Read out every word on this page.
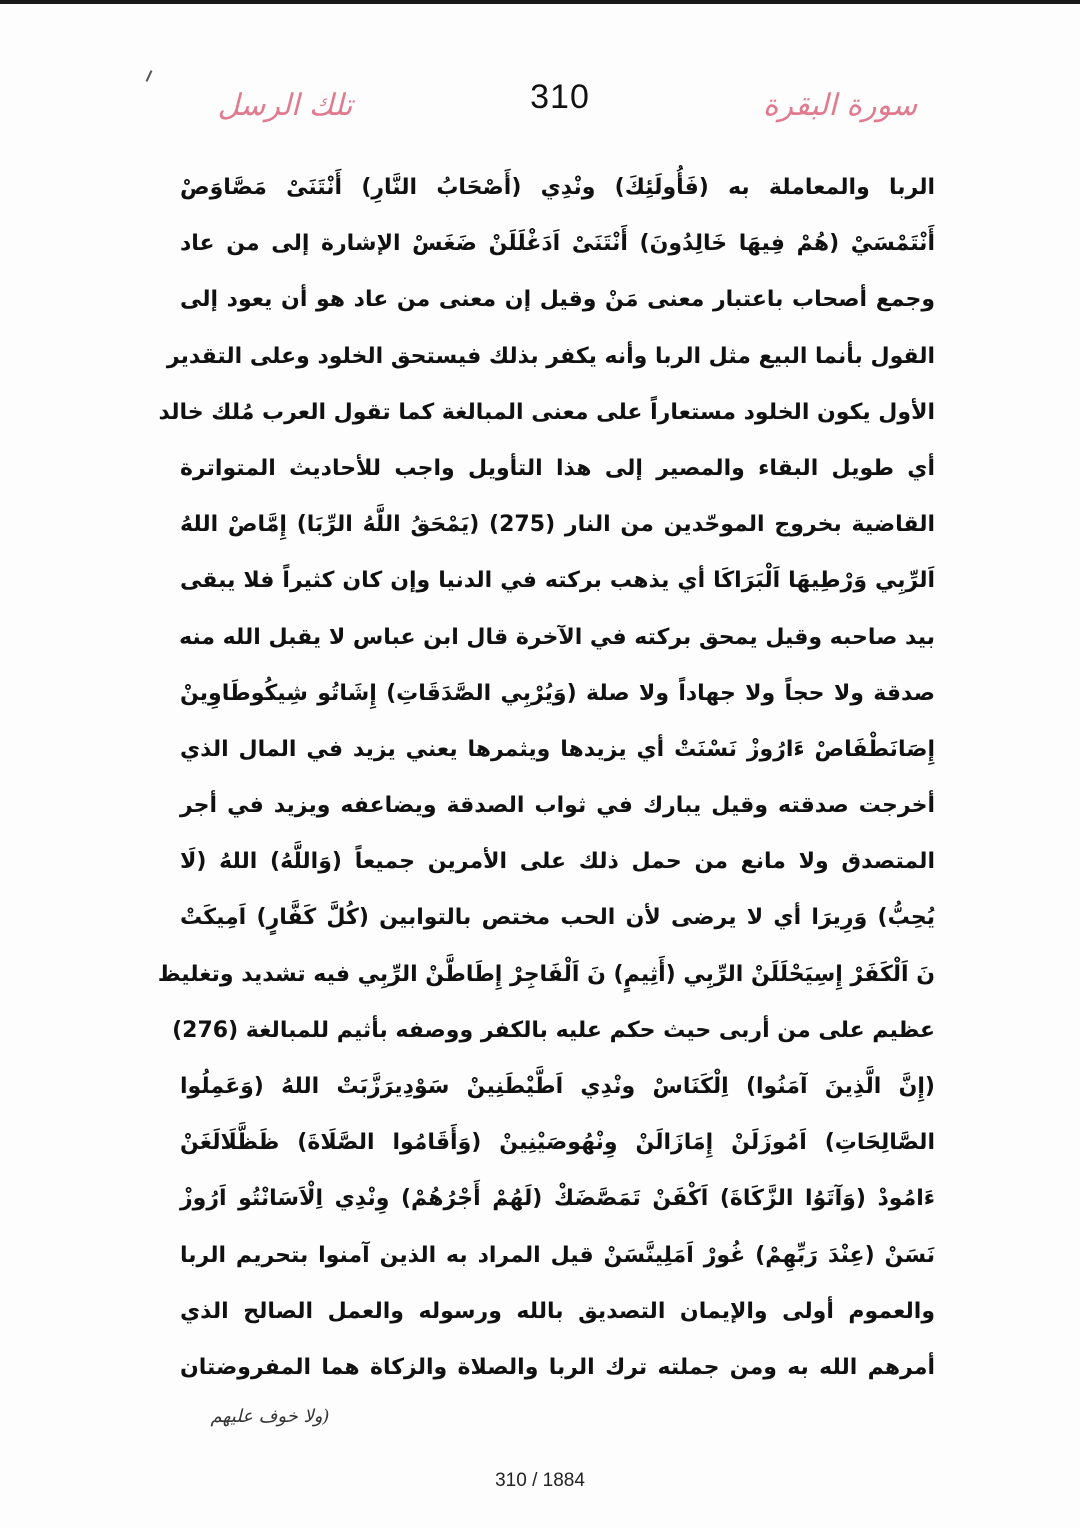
310	سورة البقرة
تلك الرسل
الربا والمعاملة به (فَأُولَئِكَ) ونْدِي (أَصْحَابُ النَّارِ) أَنْتَنَىْ مَصَّاوَصْ
أَنْتَمْسَيْ (هُمْ فِيهَا خَالِدُونَ) أَنْتَنَىْ اَدَغْلَلَنْ ضَغَسْ الإشارة إلى من عاد
وجمع أصحاب باعتبار معنى مَنْ وقيل إن معنى من عاد هو أن يعود إلى
القول بأنما البيع مثل الربا وأنه يكفر بذلك فيستحق الخلود وعلى التقدير
الأول يكون الخلود مستعاراً على معنى المبالغة كما تقول العرب مُلك خالد
أي طويل البقاء والمصير إلى هذا التأويل واجب للأحاديث المتواترة
القاضية بخروج الموحّدين من النار (275) (يَمْحَقُ اللَّهُ الرِّبَا) إِمَّاصْ اللهُ
اَلرِّبِي وَرْطِيهَا اَلْبَرَاكَا أي يذهب بركته في الدنيا وإن كان كثيراً فلا يبقى
بيد صاحبه وقيل يمحق بركته في الآخرة قال ابن عباس لا يقبل الله منه
صدقة ولا حجاً ولا جهاداً ولا صلة (وَيُرْبِي الصَّدَقَاتِ) إِشَاتُو شِيكُوطَاوِينْ
إِصَانَطْفَاصْ ءَارُوزْ نَسْنَتْ أي يزيدها ويثمرها يعني يزيد في المال الذي
أخرجت صدقته وقيل يبارك في ثواب الصدقة ويضاعفه ويزيد في أجر
المتصدق ولا مانع من حمل ذلك على الأمرين جميعاً (وَاللَّهُ) اللهُ (لَا
يُحِبُّ) وَرِيرَا أي لا يرضى لأن الحب مختص بالتوابين (كُلَّ كَفَّارٍ) اَمِيكَتْ
نَ اَلْكَفَرْ إِسِيَحْلَلَنْ الرِّبِي (أَثِيمٍ) نَ اَلْفَاجِرْ إِطَاطَّنْ الرِّبِي فيه تشديد وتغليظ
عظيم على من أربى حيث حكم عليه بالكفر ووصفه بأثيم للمبالغة (276)
(إِنَّ الَّذِينَ آمَنُوا) اِلْكَنَاسْ ونْدِي اَطَّيْطَنِينْ سَوْدِيرَزَّبَتْ اللهُ (وَعَمِلُوا
الصَّالِحَاتِ) اَمُوزَلَنْ إِمَازَالَنْ وِنْهُوصَيْنِينْ (وَأَقَامُوا الصَّلَاةَ) ظَظَّلَالَغَنْ
ءَامُودْ (وَآتَوُا الزَّكَاةَ) اَكْفَنْ تَمَصَّضَكْ (لَهُمْ أَجْرُهُمْ) وِنْدِي اِلْاَسَانْتُو اَرُوزْ
نَسَنْ (عِنْدَ رَبِّهِمْ) غُورْ اَمَلِينَّسَنْ قيل المراد به الذين آمنوا بتحريم الربا
والعموم أولى والإيمان التصديق بالله ورسوله والعمل الصالح الذي
أمرهم الله به ومن جملته ترك الربا والصلاة والزكاة هما المفروضتان
(ولا خوف عليهم
310 / 1884
